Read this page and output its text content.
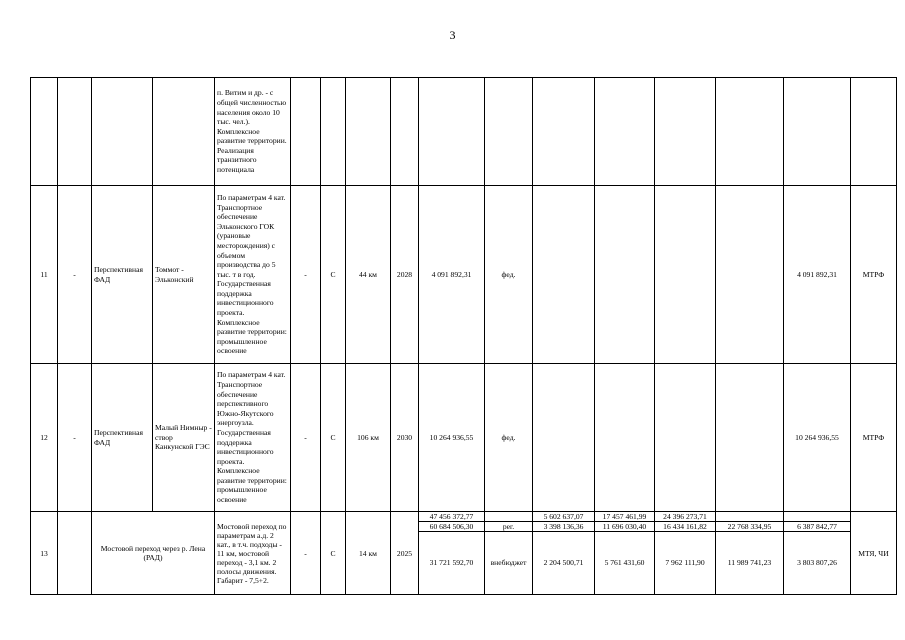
3
				п. Витим и др. - с общей численностью населения около 10 тыс. чел.). Комплексное развитие территории. Реализация транзитного потенциала												
11	-	Перспективная ФАД	Томмот - Эльконский	По параметрам 4 кат. Транспортное обеспечение Эльконского ГОК (урановые месторождения) с объемом производства до 5 тыс. т в год. Государственная поддержка инвестиционного проекта. Комплексное развитие территории: промышленное освоение	-	С	44 км	2028	4 091 892,31	фед.					4 091 892,31	МТРФ
12	-	Перспективная ФАД	Малый Нимныр - створ Канкунской ГЭС	По параметрам 4 кат. Транспортное обеспечение перспективного Южно-Якутского энергоузла. Государственная поддержка инвестиционного проекта. Комплексное развитие территории: промышленное освоение	-	С	106 км	2030	10 264 936,55	фед.					10 264 936,55	МТРФ
13		Мостовой переход через р. Лена (РАД)		Мостовой переход по параметрам а.д. 2 кат., в т.ч. подходы - 11 км, мостовой переход - 3,1 км. 2 полосы движения. Габарит - 7,5+2.	-	С	14 км	2025	47 456 372,77		5 602 637,07	17 457 461,99	24 396 273,71			МТЯ, ЧИ
									60 684 506,30	рег.	3 398 136,36	11 696 030,40	16 434 161,82	22 768 334,95	6 387 842,77	
									31 721 592,70	внебюджет	2 204 500,71	5 761 431,60	7 962 111,90	11 989 741,23	3 803 807,26	
